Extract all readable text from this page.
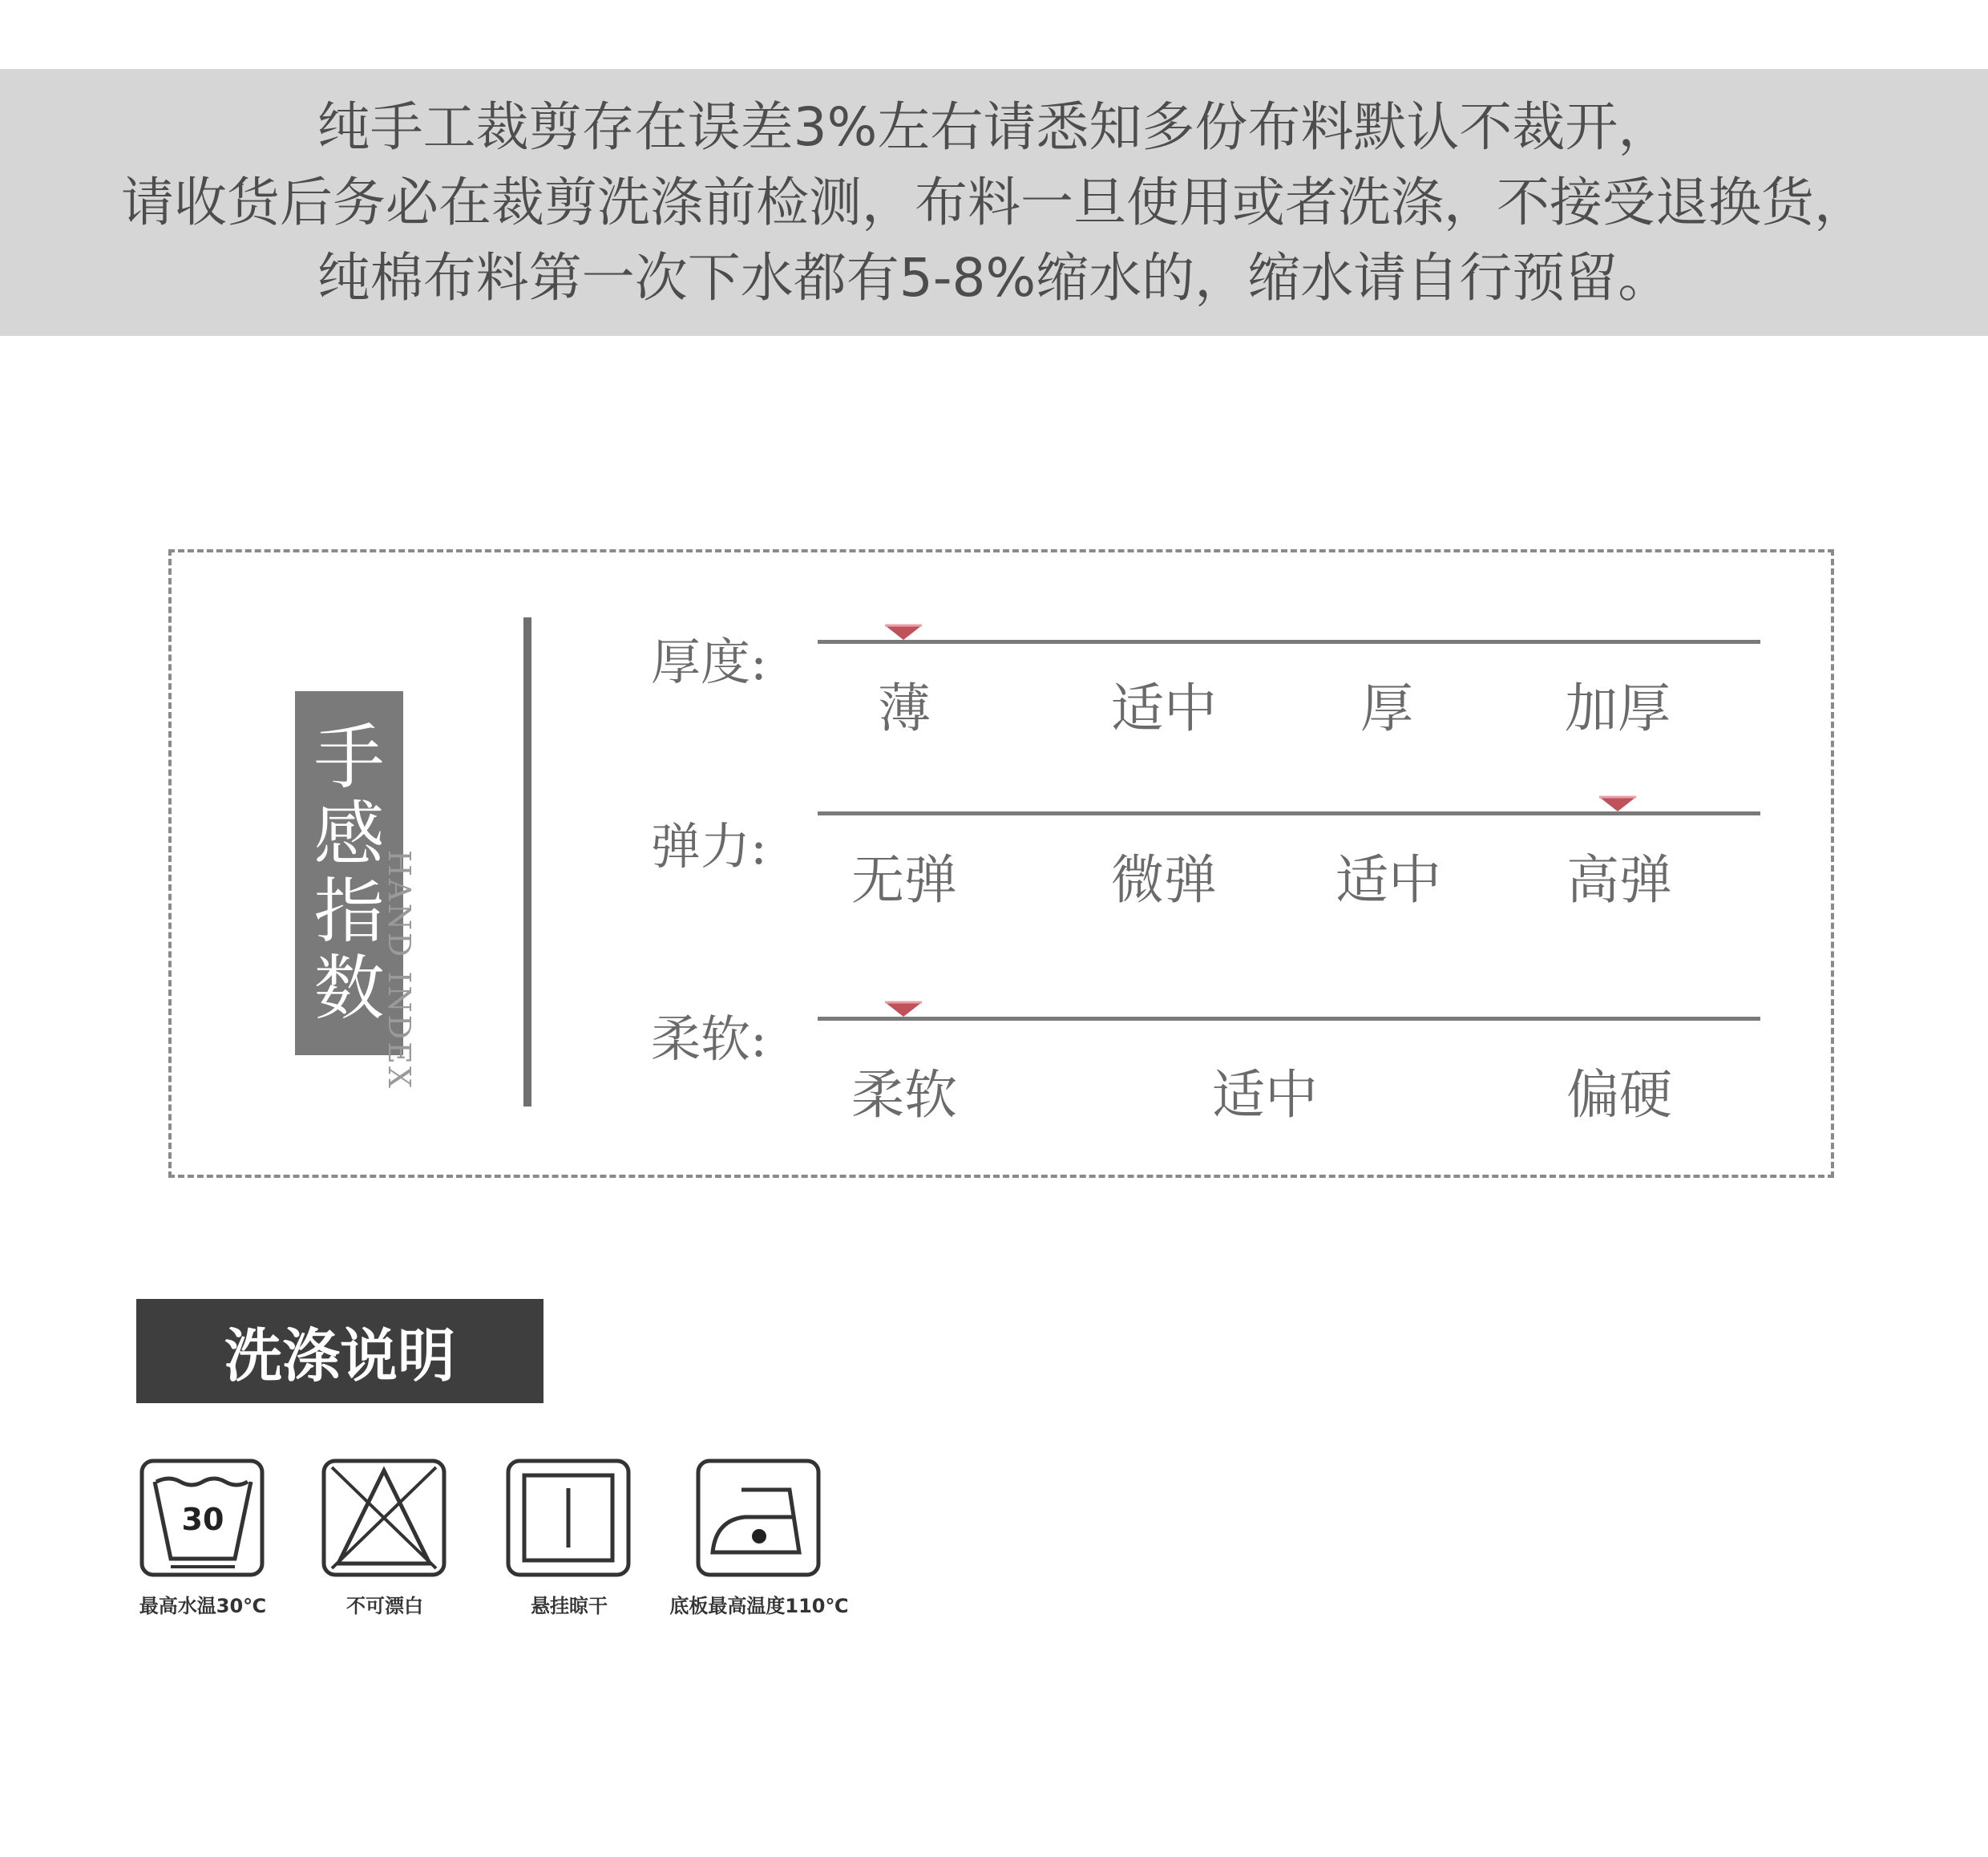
纯手工裁剪存在误差3%左右请悉知多份布料默认不裁开，
请收货后务必在裁剪洗涤前检测，布料一旦使用或者洗涤，不接受退换货，
纯棉布料第一次下水都有5-8%缩水的，缩水请自行预留。
手
感
指
数
HAND INDEX
厚度:
薄	适中	厚	加厚
弹力:
无弹	微弹 适中 高弹
柔软:
柔软	适中	偏硬
洗涤说明
30
最高水温30℃	不可漂白	悬挂晾干	底板最高温度110℃
